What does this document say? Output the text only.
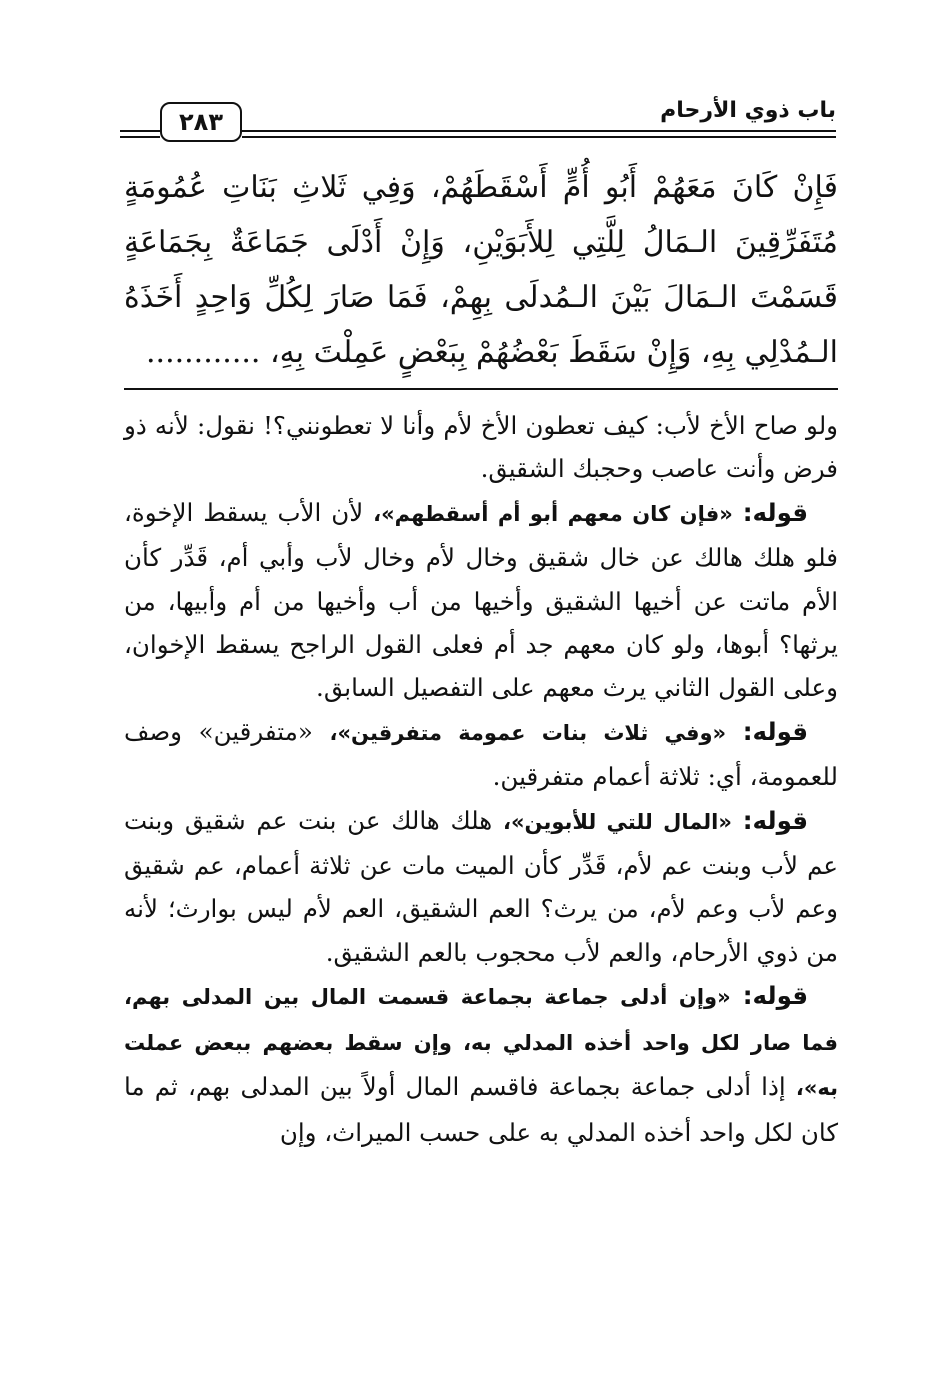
باب ذوي الأرحام
٢٨٣

فَإِنْ كَانَ مَعَهُمْ أَبُو أُمٍّ أَسْقَطَهُمْ، وَفِي ثَلاثِ بَنَاتِ عُمُومَةٍ

مُتَفَرِّقِينَ الـمَالُ لِلَّتِي لِلأَبَوَيْنِ، وَإِنْ أَدْلَى جَمَاعَةٌ بِجَمَاعَةٍ

قَسَمْتَ الـمَالَ بَيْنَ الـمُدلَى بِهِمْ، فَمَا صَارَ لِكُلِّ وَاحِدٍ أَخَذَهُ

الـمُدْلِي بِهِ، وَإِنْ سَقَطَ بَعْضُهُمْ بِبَعْضٍ عَمِلْتَ بِهِ، ............

ولو صاح الأخ لأب: كيف تعطون الأخ لأم وأنا لا تعطونني؟! نقول: لأنه ذو فرض وأنت عاصب وحجبك الشقيق.

قوله: «فإن كان معهم أبو أم أسقطهم»، لأن الأب يسقط الإخوة، فلو هلك هالك عن خال شقيق وخال لأم وخال لأب وأبي أم، قَدِّر كأن الأم ماتت عن أخيها الشقيق وأخيها من أب وأخيها من أم وأبيها، من يرثها؟ أبوها، ولو كان معهم جد أم فعلى القول الراجح يسقط الإخوان، وعلى القول الثاني يرث معهم على التفصيل السابق.

قوله: «وفي ثلاث بنات عمومة متفرقين»، «متفرقين» وصف للعمومة، أي: ثلاثة أعمام متفرقين.

قوله: «المال للتي للأبوين»، هلك هالك عن بنت عم شقيق وبنت عم لأب وبنت عم لأم، قَدِّر كأن الميت مات عن ثلاثة أعمام، عم شقيق وعم لأب وعم لأم، من يرث؟ العم الشقيق، العم لأم ليس بوارث؛ لأنه من ذوي الأرحام، والعم لأب محجوب بالعم الشقيق.

قوله: «وإن أدلى جماعة بجماعة قسمت المال بين المدلى بهم، فما صار لكل واحد أخذه المدلي به، وإن سقط بعضهم ببعض عملت به»، إذا أدلى جماعة بجماعة فاقسم المال أولاً بين المدلى بهم، ثم ما كان لكل واحد أخذه المدلي به على حسب الميراث، وإن
